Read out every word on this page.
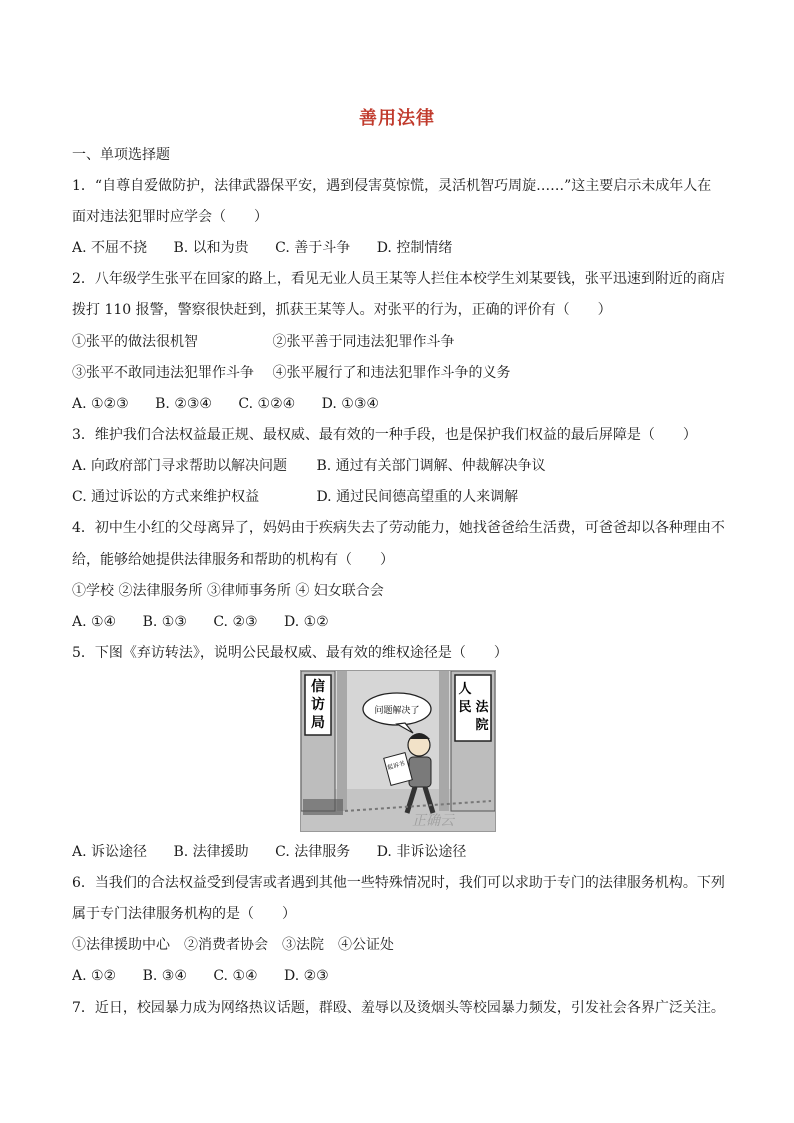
善用法律
一、单项选择题
1．“自尊自爱做防护，法律武器保平安，遇到侵害莫惊慌，灵活机智巧周旋……”这主要启示未成年人在
面对违法犯罪时应学会（　　）
A. 不屈不挠 B. 以和为贵 C. 善于斗争 D. 控制情绪
2．八年级学生张平在回家的路上，看见无业人员王某等人拦住本校学生刘某要钱，张平迅速到附近的商店
拨打 110 报警，警察很快赶到，抓获王某等人。对张平的行为，正确的评价有（　　）
①张平的做法很机智	②张平善于同违法犯罪作斗争
③张平不敢同违法犯罪作斗争 ④张平履行了和违法犯罪作斗争的义务
A. ①②③ B. ②③④ C. ①②④ D. ①③④
3．维护我们合法权益最正规、最权威、最有效的一种手段，也是保护我们权益的最后屏障是（　　）
A. 向政府部门寻求帮助以解决问题 B. 通过有关部门调解、仲裁解决争议
C. 通过诉讼的方式来维护权益	D. 通过民间德高望重的人来调解
4．初中生小红的父母离异了，妈妈由于疾病失去了劳动能力，她找爸爸给生活费，可爸爸却以各种理由不
给，能够给她提供法律服务和帮助的机构有（　　）
①学校 ②法律服务所 ③律师事务所 ④ 妇女联合会
A. ①④ B. ①③ C. ②③ D. ①②
5．下图《弃访转法》，说明公民最权威、最有效的维权途径是（　　）
信
访
局
人
民 法
院
问题解决了
起诉书
正确云
A. 诉讼途径 B. 法律援助 C. 法律服务 D. 非诉讼途径
6．当我们的合法权益受到侵害或者遇到其他一些特殊情况时，我们可以求助于专门的法律服务机构。下列
属于专门法律服务机构的是（　　）
①法律援助中心　②消费者协会　③法院　④公证处
A. ①② B. ③④ C. ①④ D. ②③
7．近日，校园暴力成为网络热议话题，群殴、羞辱以及烫烟头等校园暴力频发，引发社会各界广泛关注。
